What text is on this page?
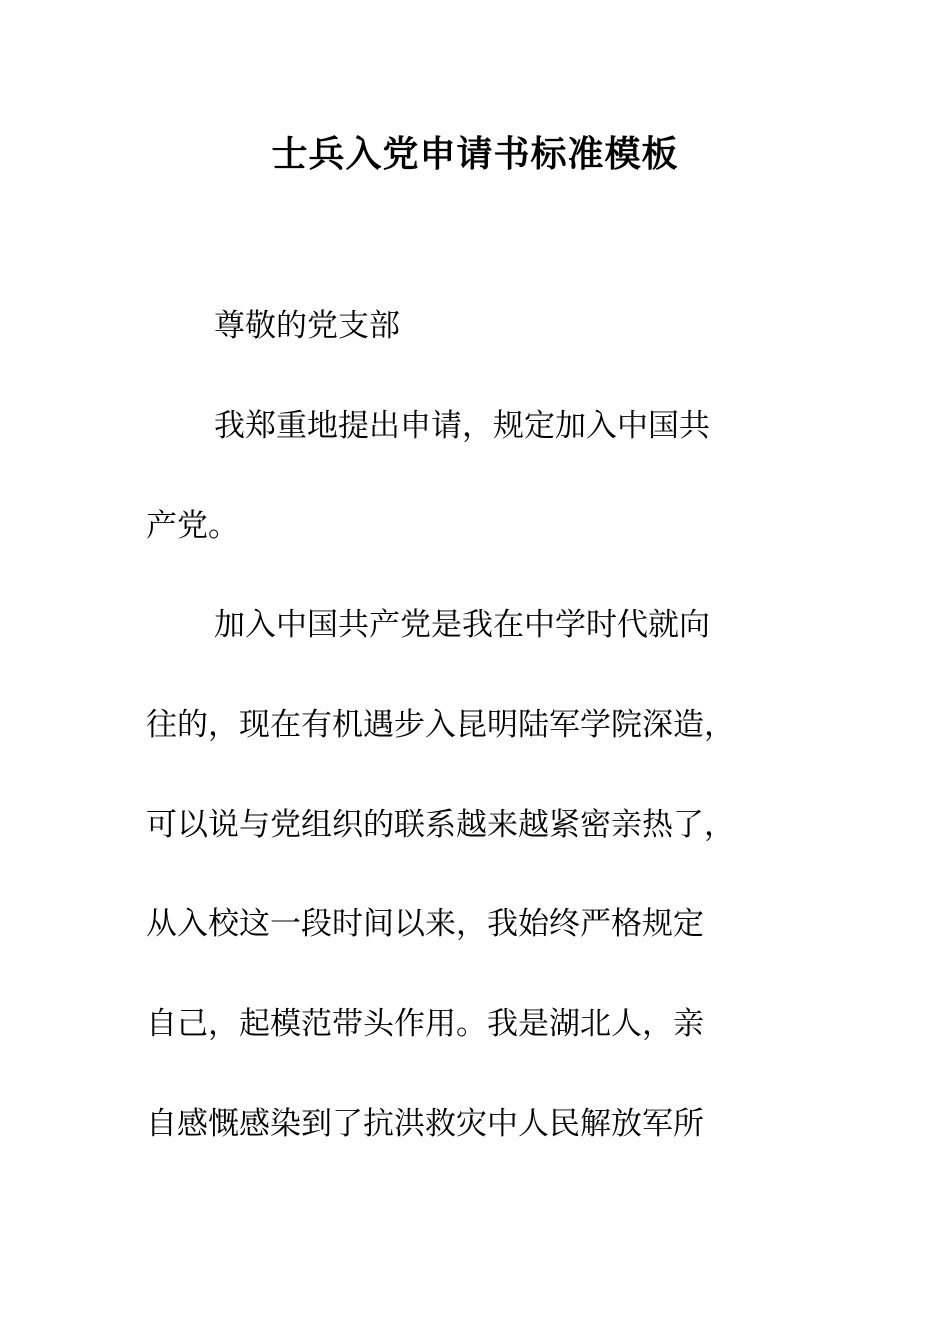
士兵入党申请书标准模板
尊敬的党支部
我郑重地提出申请，规定加入中国共
产党。
加入中国共产党是我在中学时代就向
往的，现在有机遇步入昆明陆军学院深造，
可以说与党组织的联系越来越紧密亲热了，
从入校这一段时间以来，我始终严格规定
自己，起模范带头作用。我是湖北人，亲
自感慨感染到了抗洪救灾中人民解放军所
